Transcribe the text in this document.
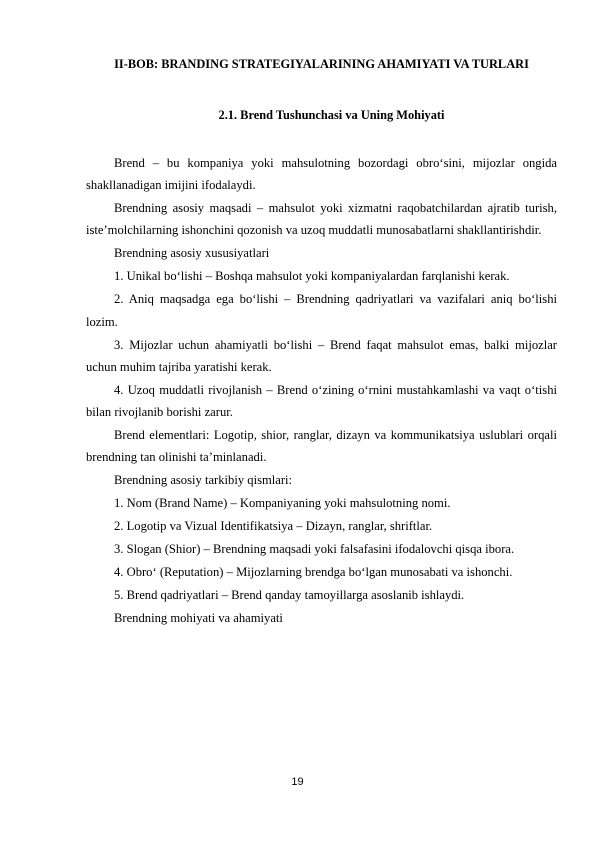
II-BOB: BRANDING STRATEGIYALARINING AHAMIYATI VA TURLARI
2.1. Brend Tushunchasi va Uning Mohiyati

Brend – bu kompaniya yoki mahsulotning bozordagi obro‘sini, mijozlar ongida shakllanadigan imijini ifodalaydi.

Brendning asosiy maqsadi – mahsulot yoki xizmatni raqobatchilardan ajratib turish, iste’molchilarning ishonchini qozonish va uzoq muddatli munosabatlarni shakllantirishdir.

Brendning asosiy xususiyatlari

1. Unikal bo‘lishi – Boshqa mahsulot yoki kompaniyalardan farqlanishi kerak.

2. Aniq maqsadga ega bo‘lishi – Brendning qadriyatlari va vazifalari aniq bo‘lishi lozim.

3. Mijozlar uchun ahamiyatli bo‘lishi – Brend faqat mahsulot emas, balki mijozlar uchun muhim tajriba yaratishi kerak.

4. Uzoq muddatli rivojlanish – Brend o‘zining o‘rnini mustahkamlashi va vaqt o‘tishi bilan rivojlanib borishi zarur.

Brend elementlari: Logotip, shior, ranglar, dizayn va kommunikatsiya uslublari orqali brendning tan olinishi ta’minlanadi.

Brendning asosiy tarkibiy qismlari:

1. Nom (Brand Name) – Kompaniyaning yoki mahsulotning nomi.

2. Logotip va Vizual Identifikatsiya – Dizayn, ranglar, shriftlar.

3. Slogan (Shior) – Brendning maqsadi yoki falsafasini ifodalovchi qisqa ibora.

4. Obro‘ (Reputation) – Mijozlarning brendga bo‘lgan munosabati va ishonchi.

5. Brend qadriyatlari – Brend qanday tamoyillarga asoslanib ishlaydi.

Brendning mohiyati va ahamiyati

19
